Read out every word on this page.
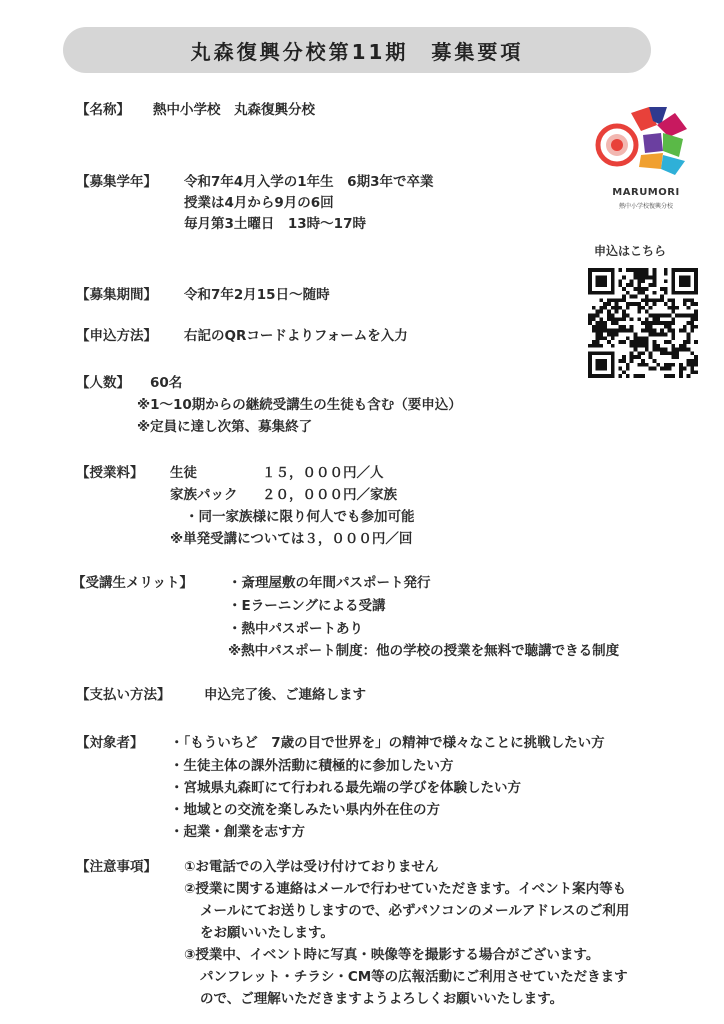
丸森復興分校第11期　募集要項
MARUMORI
熱中小学校復興分校
申込はこちら
【名称】 熱中小学校　丸森復興分校
【募集学年】 令和7年4月入学の1年生　6期3年で卒業
授業は4月から9月の6回
毎月第3土曜日　13時〜17時
【募集期間】 令和7年2月15日〜随時
【申込方法】 右記のQRコードよりフォームを入力
【人数】 60名
※1〜10期からの継続受講生の生徒も含む（要申込）
※定員に達し次第、募集終了
【授業料】 生徒	１５，０００円／人
家族パック ２０，０００円／家族
・同一家族様に限り何人でも参加可能
※単発受講については３，０００円／回
【受講生メリット】	・斎理屋敷の年間パスポート発行
・Eラーニングによる受講
・熱中パスポートあり
※熱中パスポート制度：他の学校の授業を無料で聴講できる制度
【支払い方法】 申込完了後、ご連絡します
【対象者】 ・「もういちど　7歳の目で世界を」の精神で様々なことに挑戦したい方
・生徒主体の課外活動に積極的に参加したい方
・宮城県丸森町にて行われる最先端の学びを体験したい方
・地域との交流を楽しみたい県内外在住の方
・起業・創業を志す方
【注意事項】 ①お電話での入学は受け付けておりません
②授業に関する連絡はメールで行わせていただきます。イベント案内等も
メールにてお送りしますので、必ずパソコンのメールアドレスのご利用
をお願いいたします。
③授業中、イベント時に写真・映像等を撮影する場合がございます。
パンフレット・チラシ・CM等の広報活動にご利用させていただきます
ので、ご理解いただきますようよろしくお願いいたします。
